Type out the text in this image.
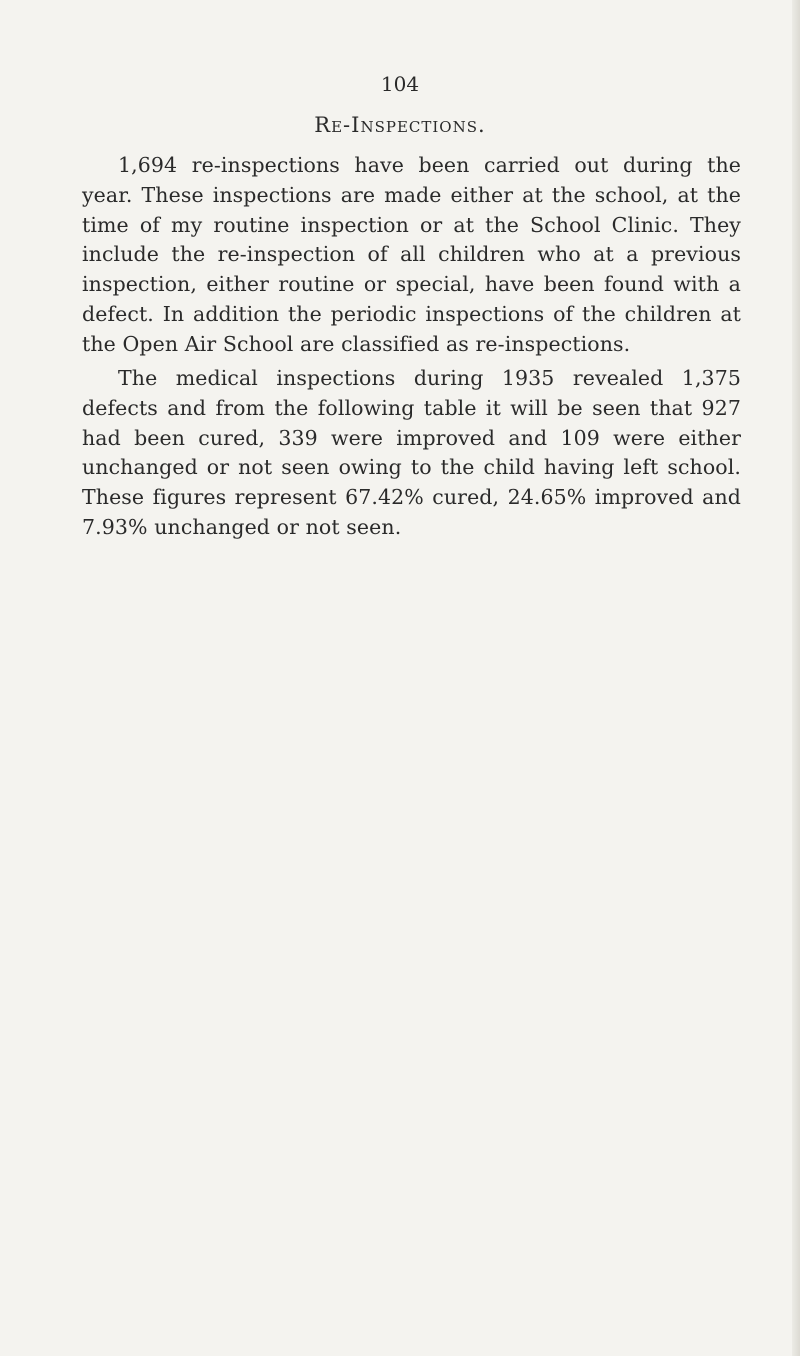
104
Re-Inspections.

1,694 re-inspections have been carried out during the year. These inspections are made either at the school, at the time of my routine inspection or at the School Clinic. They include the re-inspection of all children who at a previous inspection, either routine or special, have been found with a defect. In addition the periodic inspections of the children at the Open Air School are classified as re-inspections.

The medical inspections during 1935 revealed 1,375 defects and from the following table it will be seen that 927 had been cured, 339 were improved and 109 were either unchanged or not seen owing to the child having left school. These figures represent 67.42% cured, 24.65% improved and 7.93% unchanged or not seen.
